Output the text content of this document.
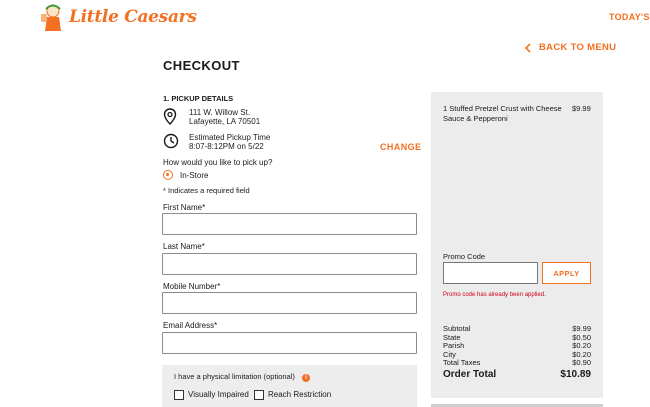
Little Caesars	TODAY'S
BACK TO MENU
CHECKOUT
1. PICKUP DETAILS
111 W. Willow St.
Lafayette, LA 70501
Estimated Pickup Time
8:07-8:12PM on 5/22	CHANGE
How would you like to pick up?
In-Store
* Indicates a required field
First Name*
Last Name*
Mobile Number*
Email Address*
I have a physical limitation (optional)	i
Visually Impaired Reach Restriction
1 Stuffed Pretzel Crust with Cheese Sauce & Pepperoni
$9.99
Promo Code
APPLY
Promo code has already been applied.
Subtotal	$9.99
State	$0.50
Parish	$0.20
City	$0.20
Total Taxes	$0.90
Order Total	$10.89
